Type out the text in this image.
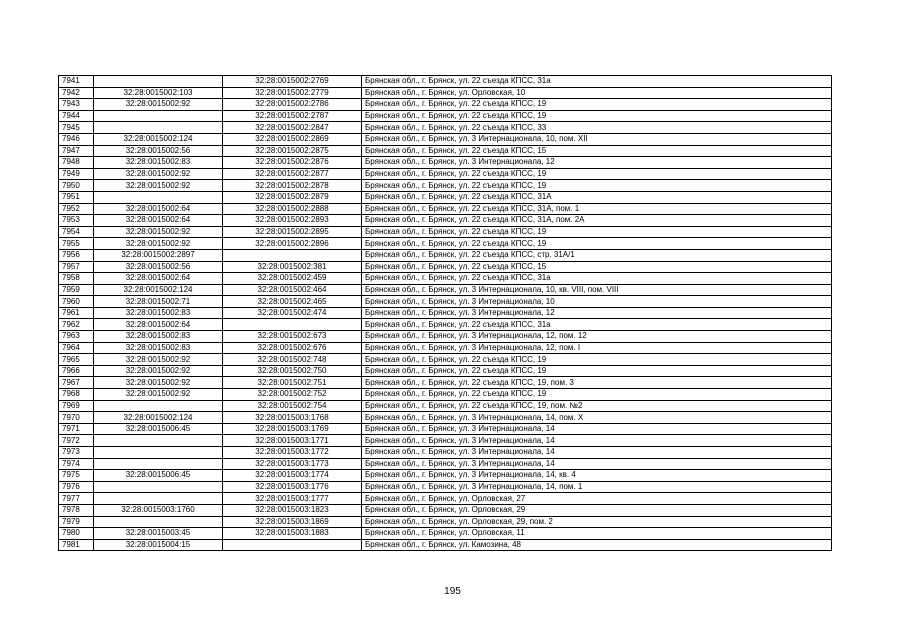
7941		32:28:0015002:2769	Брянская обл., г. Брянск, ул. 22 съезда КПСС, 31а
7942	32:28:0015002:103	32:28:0015002:2779	Брянская обл., г. Брянск, ул. Орловская, 10
7943	32:28:0015002:92	32:28:0015002:2786	Брянская обл., г. Брянск, ул. 22 съезда КПСС, 19
7944		32:28:0015002:2787	Брянская обл., г. Брянск, ул. 22 съезда КПСС, 19
7945		32:28:0015002:2847	Брянская обл., г. Брянск, ул. 22 съезда КПСС, 33
7946	32:28:0015002:124	32:28:0015002:2869	Брянская обл., г. Брянск, ул. 3 Интернационала, 10, пом. XII
7947	32:28:0015002:56	32:28:0015002:2875	Брянская обл., г. Брянск, ул. 22 съезда КПСС, 15
7948	32:28:0015002:83	32:28:0015002:2876	Брянская обл., г. Брянск, ул. 3 Интернационала, 12
7949	32:28:0015002:92	32:28:0015002:2877	Брянская обл., г. Брянск, ул. 22 съезда КПСС, 19
7950	32:28:0015002:92	32:28:0015002:2878	Брянская обл., г. Брянск, ул. 22 съезда КПСС, 19
7951		32:28:0015002:2879	Брянская обл., г. Брянск, ул. 22 съезда КПСС, 31А
7952	32:28:0015002:64	32:28:0015002:2888	Брянская обл., г. Брянск, ул. 22 съезда КПСС, 31А, пом. 1
7953	32:28:0015002:64	32:28:0015002:2893	Брянская обл., г. Брянск, ул. 22 съезда КПСС, 31А, пом. 2А
7954	32:28:0015002:92	32:28:0015002:2895	Брянская обл., г. Брянск, ул. 22 съезда КПСС, 19
7955	32:28:0015002:92	32:28:0015002:2896	Брянская обл., г. Брянск, ул. 22 съезда КПСС, 19
7956	32:28:0015002:2897		Брянская обл., г. Брянск, ул. 22 съезда КПСС, стр. 31А/1
7957	32:28:0015002:56	32:28:0015002:381	Брянская обл., г. Брянск, ул. 22 съезда КПСС, 15
7958	32:28:0015002:64	32:28:0015002:459	Брянская обл., г. Брянск, ул. 22 съезда КПСС, 31а
7959	32:28:0015002:124	32:28:0015002:464	Брянская обл., г. Брянск, ул. 3 Интернационала, 10, кв. VIII, пом. VIII
7960	32:28:0015002:71	32:28:0015002:465	Брянская обл., г. Брянск, ул. 3 Интернационала, 10
7961	32:28:0015002:83	32:28:0015002:474	Брянская обл., г. Брянск, ул. 3 Интернационала, 12
7962	32:28:0015002:64		Брянская обл., г. Брянск, ул. 22 съезда КПСС, 31а
7963	32:28:0015002:83	32:28:0015002:673	Брянская обл., г. Брянск, ул. 3 Интернационала, 12, пом. 12
7964	32:28:0015002:83	32:28:0015002:676	Брянская обл., г. Брянск, ул. 3 Интернационала, 12, пом. I
7965	32:28:0015002:92	32:28:0015002:748	Брянская обл., г. Брянск, ул. 22 съезда КПСС, 19
7966	32:28:0015002:92	32:28:0015002:750	Брянская обл., г. Брянск, ул. 22 съезда КПСС, 19
7967	32:28:0015002:92	32:28:0015002:751	Брянская обл., г. Брянск, ул. 22 съезда КПСС, 19, пом. 3
7968	32:28:0015002:92	32:28:0015002:752	Брянская обл., г. Брянск, ул. 22 съезда КПСС, 19
7969		32:28:0015002:754	Брянская обл., г. Брянск, ул. 22 съезда КПСС, 19, пом. №2
7970	32:28:0015002:124	32:28:0015003:1768	Брянская обл., г. Брянск, ул. 3 Интернационала, 14, пом. X
7971	32:28:0015006:45	32:28:0015003:1769	Брянская обл., г. Брянск, ул. 3 Интернационала, 14
7972		32:28:0015003:1771	Брянская обл., г. Брянск, ул. 3 Интернационала, 14
7973		32:28:0015003:1772	Брянская обл., г. Брянск, ул. 3 Интернационала, 14
7974		32:28:0015003:1773	Брянская обл., г. Брянск, ул. 3 Интернационала, 14
7975	32:28:0015006:45	32:28:0015003:1774	Брянская обл., г. Брянск, ул. 3 Интернационала, 14, кв. 4
7976		32:28:0015003:1776	Брянская обл., г. Брянск, ул. 3 Интернационала, 14, пом. 1
7977		32:28:0015003:1777	Брянская обл., г. Брянск, ул. Орловская, 27
7978	32:28:0015003:1760	32:28:0015003:1823	Брянская обл., г. Брянск, ул. Орловская, 29
7979		32:28:0015003:1869	Брянская обл., г. Брянск, ул. Орловская, 29, пом. 2
7980	32:28:0015003:45	32:28:0015003:1883	Брянская обл., г. Брянск, ул. Орловская, 11
7981	32:28:0015004:15		Брянская обл., г. Брянск, ул. Камозина, 48
195
